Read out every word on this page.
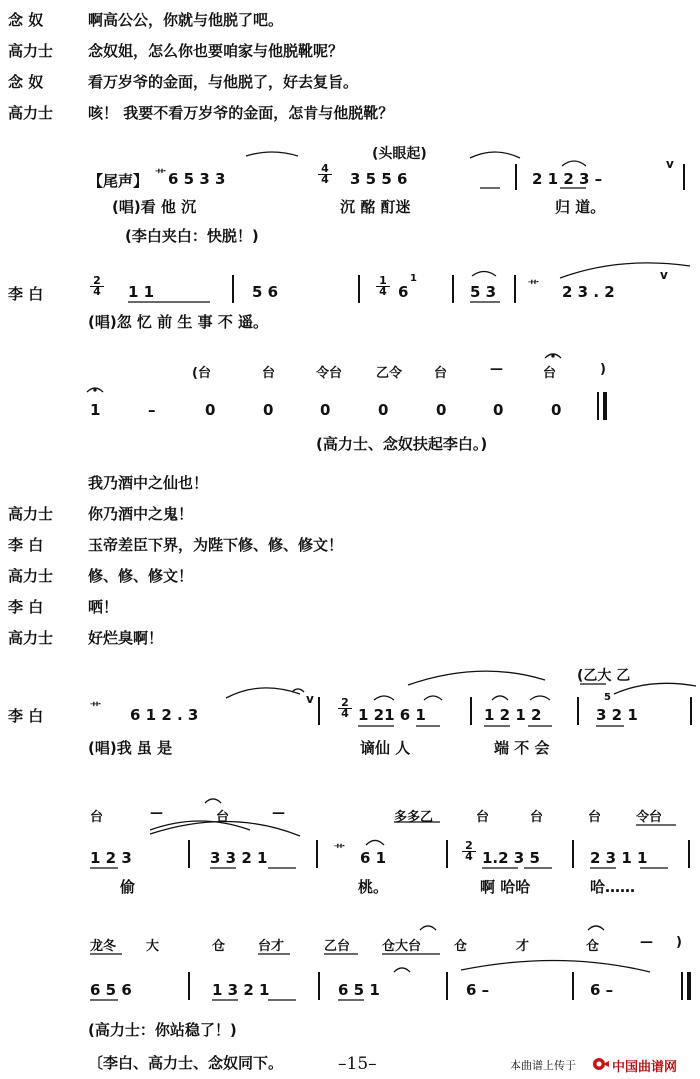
念 奴	啊高公公，你就与他脱了吧。
高力士 念奴姐，怎么你也要咱家与他脱靴呢？
念 奴	看万岁爷的金面，与他脱了，好去复旨。
高力士 咳！ 我要不看万岁爷的金面，怎肯与他脱靴？
(头眼起)
【尾声】 艹 6 5 3 3
4
4 3 5 5 6	2 1 2 3 –
v
(唱)看 他 沉	沉 酩 酊迷	归 道。
(李白夹白：快脱！)
李 白
2
4 1 1	5 6
1
4 6
1
5 3	艹 2 3 . 2
v
(唱)忽 忆 前 生 事 不 遥。
(台	台	令台	乙令 台	—	台	)
1	–	0	0	0	0	0	0	0
(高力士、念奴扶起李白。)
我乃酒中之仙也！
高力士 你乃酒中之鬼！
李 白	玉帝差臣下界，为陛下修、修、修文！
高力士 修、修、修文！
李 白	哂！
高力士 好烂臭啊！
(乙大 乙
李 白	艹 6 1 2 . 3
v 2
4 1 21 6 1	1 2 1 2
5
3 2 1
(唱)我 虽 是	谪仙 人	端 不 会
台	—	台	—	多多乙	台	台	台	令台
1 2 3	3 3 2 1	艹 6 1
2
4 1.2 3 5	2 3 1 1
偷	桃。	啊 哈哈	哈……
龙冬 大	仓	台才	乙台 仓大台	仓	才	仓	— )
6 5 6	1 3 2 1	6 5 1	6 –	6 –
(高力士：你站稳了！)
〔李白、高力士、念奴同下。	–15–	本曲谱上传于	中国曲谱网
